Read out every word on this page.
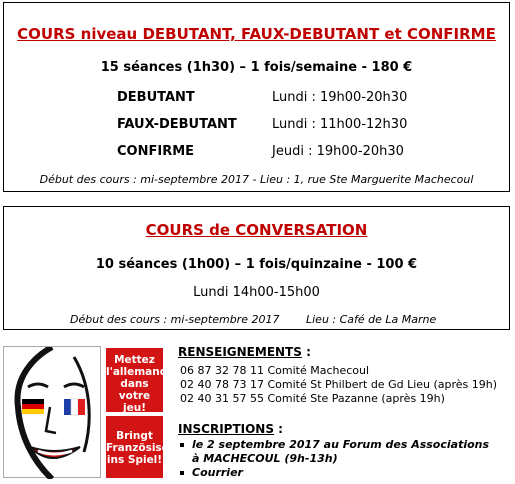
COURS niveau DEBUTANT, FAUX-DEBUTANT et CONFIRME
15 séances (1h30) – 1 fois/semaine - 180 €
DEBUTANT	Lundi : 19h00-20h30
FAUX-DEBUTANT	Lundi : 11h00-12h30
CONFIRME	Jeudi : 19h00-20h30
Début des cours : mi-septembre 2017 - Lieu : 1, rue Ste Marguerite Machecoul
COURS de CONVERSATION
10 séances (1h00) – 1 fois/quinzaine - 100 €
Lundi 14h00-15h00
Début des cours : mi-septembre 2017 Lieu : Café de La Marne
Mettez
l'allemand
dans
votre jeu!
Bringt
Französisch
ins Spiel!
RENSEIGNEMENTS :
06 87 32 78 11 Comité Machecoul
02 40 78 73 17 Comité St Philbert de Gd Lieu (après 19h)
02 40 31 57 55 Comité Ste Pazanne (après 19h)
INSCRIPTIONS :
le 2 septembre 2017 au Forum des Associations
à MACHECOUL (9h-13h)
Courrier
